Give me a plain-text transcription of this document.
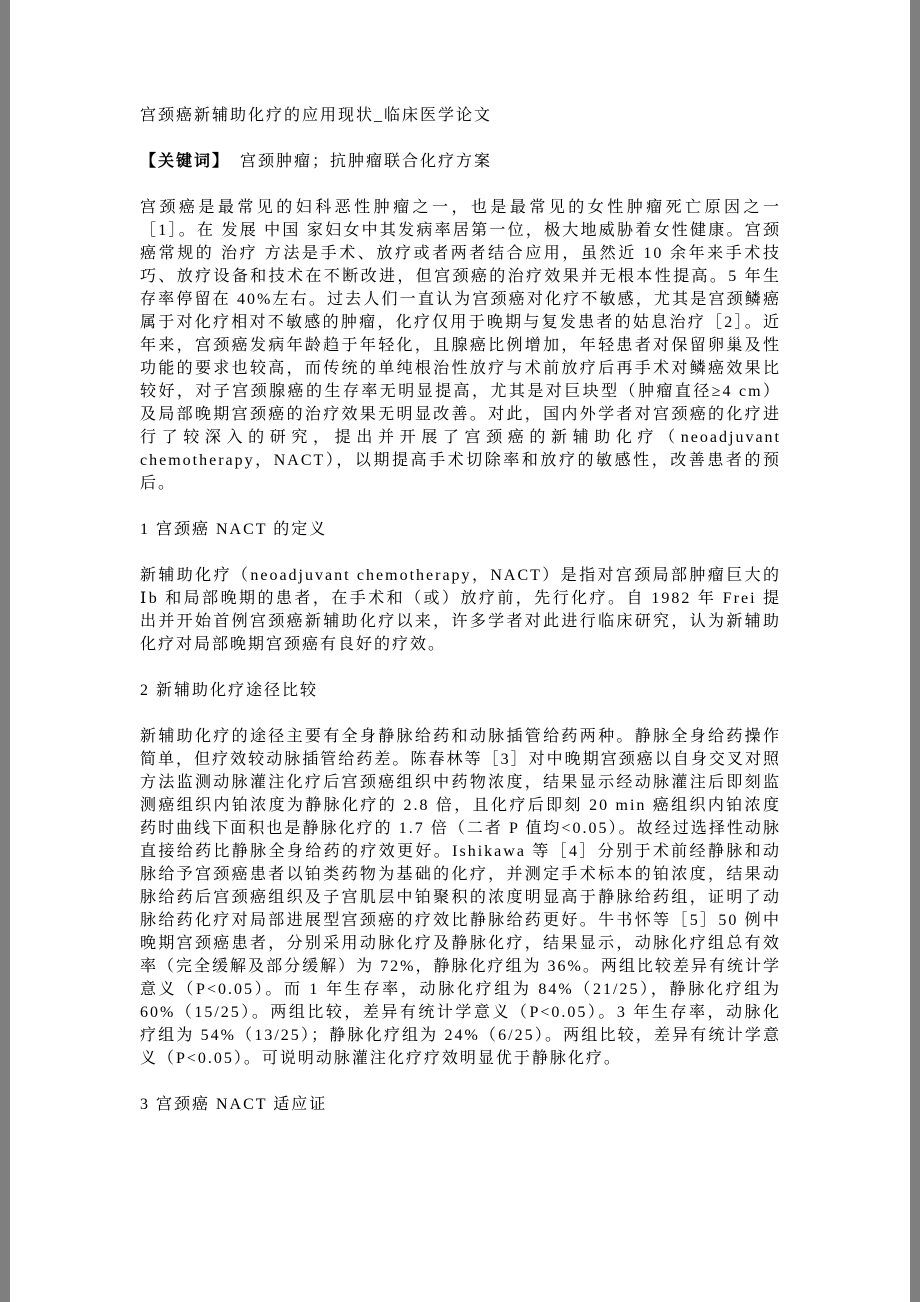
宫颈癌新辅助化疗的应用现状_临床医学论文

【关键词】　宫颈肿瘤；抗肿瘤联合化疗方案

宫颈癌是最常见的妇科恶性肿瘤之一，也是最常见的女性肿瘤死亡原因之一［1］。在 发展 中国 家妇女中其发病率居第一位，极大地威胁着女性健康。宫颈癌常规的 治疗 方法是手术、放疗或者两者结合应用，虽然近 10 余年来手术技巧、放疗设备和技术在不断改进，但宫颈癌的治疗效果并无根本性提高。5 年生存率停留在 40%左右。过去人们一直认为宫颈癌对化疗不敏感，尤其是宫颈鳞癌属于对化疗相对不敏感的肿瘤，化疗仅用于晚期与复发患者的姑息治疗［2］。近年来，宫颈癌发病年龄趋于年轻化，且腺癌比例增加，年轻患者对保留卵巢及性功能的要求也较高，而传统的单纯根治性放疗与术前放疗后再手术对鳞癌效果比较好，对子宫颈腺癌的生存率无明显提高，尤其是对巨块型（肿瘤直径≥4 cm）及局部晚期宫颈癌的治疗效果无明显改善。对此，国内外学者对宫颈癌的化疗进行了较深入的研究，提出并开展了宫颈癌的新辅助化疗（neoadjuvant chemotherapy，NACT），以期提高手术切除率和放疗的敏感性，改善患者的预后。

1 宫颈癌 NACT 的定义

新辅助化疗（neoadjuvant chemotherapy，NACT）是指对宫颈局部肿瘤巨大的Ⅰb 和局部晚期的患者，在手术和（或）放疗前，先行化疗。自 1982 年 Frei 提出并开始首例宫颈癌新辅助化疗以来，许多学者对此进行临床研究，认为新辅助化疗对局部晚期宫颈癌有良好的疗效。

2 新辅助化疗途径比较

新辅助化疗的途径主要有全身静脉给药和动脉插管给药两种。静脉全身给药操作简单，但疗效较动脉插管给药差。陈春林等［3］对中晚期宫颈癌以自身交叉对照方法监测动脉灌注化疗后宫颈癌组织中药物浓度，结果显示经动脉灌注后即刻监测癌组织内铂浓度为静脉化疗的 2.8 倍，且化疗后即刻 20 min 癌组织内铂浓度药时曲线下面积也是静脉化疗的 1.7 倍（二者 P 值均<0.05）。故经过选择性动脉直接给药比静脉全身给药的疗效更好。Ishikawa 等［4］分别于术前经静脉和动脉给予宫颈癌患者以铂类药物为基础的化疗，并测定手术标本的铂浓度，结果动脉给药后宫颈癌组织及子宫肌层中铂聚积的浓度明显高于静脉给药组，证明了动脉给药化疗对局部进展型宫颈癌的疗效比静脉给药更好。牛书怀等［5］50 例中晚期宫颈癌患者，分别采用动脉化疗及静脉化疗，结果显示，动脉化疗组总有效率（完全缓解及部分缓解）为 72%，静脉化疗组为 36%。两组比较差异有统计学意义（P<0.05）。而 1 年生存率，动脉化疗组为 84%（21/25），静脉化疗组为 60%（15/25）。两组比较，差异有统计学意义（P<0.05）。3 年生存率，动脉化疗组为 54%（13/25）；静脉化疗组为 24%（6/25）。两组比较，差异有统计学意义（P<0.05）。可说明动脉灌注化疗疗效明显优于静脉化疗。

3 宫颈癌 NACT 适应证
